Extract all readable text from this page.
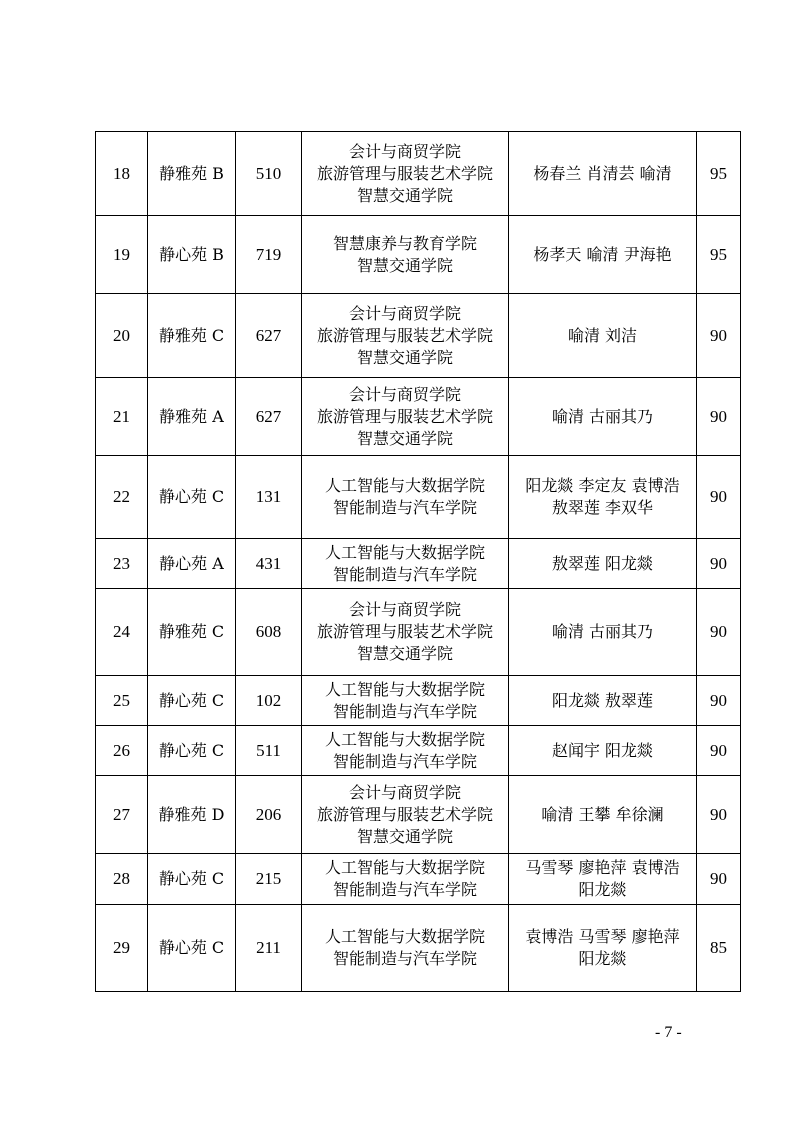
18	静雅苑 B	510	会计与商贸学院
旅游管理与服装艺术学院
智慧交通学院	杨春兰 肖清芸 喻清	95
19	静心苑 B	719	智慧康养与教育学院
智慧交通学院	杨孝天 喻清 尹海艳	95
20	静雅苑 C	627	会计与商贸学院
旅游管理与服装艺术学院
智慧交通学院	喻清 刘洁	90
21	静雅苑 A	627	会计与商贸学院
旅游管理与服装艺术学院
智慧交通学院	喻清 古丽其乃	90
22	静心苑 C	131	人工智能与大数据学院
智能制造与汽车学院	阳龙燚 李定友 袁博浩
敖翠莲 李双华	90
23	静心苑 A	431	人工智能与大数据学院
智能制造与汽车学院	敖翠莲 阳龙燚	90
24	静雅苑 C	608	会计与商贸学院
旅游管理与服装艺术学院
智慧交通学院	喻清 古丽其乃	90
25	静心苑 C	102	人工智能与大数据学院
智能制造与汽车学院	阳龙燚 敖翠莲	90
26	静心苑 C	511	人工智能与大数据学院
智能制造与汽车学院	赵闻宇 阳龙燚	90
27	静雅苑 D	206	会计与商贸学院
旅游管理与服装艺术学院
智慧交通学院	喻清 王攀 牟徐澜	90
28	静心苑 C	215	人工智能与大数据学院
智能制造与汽车学院	马雪琴 廖艳萍 袁博浩
阳龙燚	90
29	静心苑 C	211	人工智能与大数据学院
智能制造与汽车学院	袁博浩 马雪琴 廖艳萍
阳龙燚	85
- 7 -
